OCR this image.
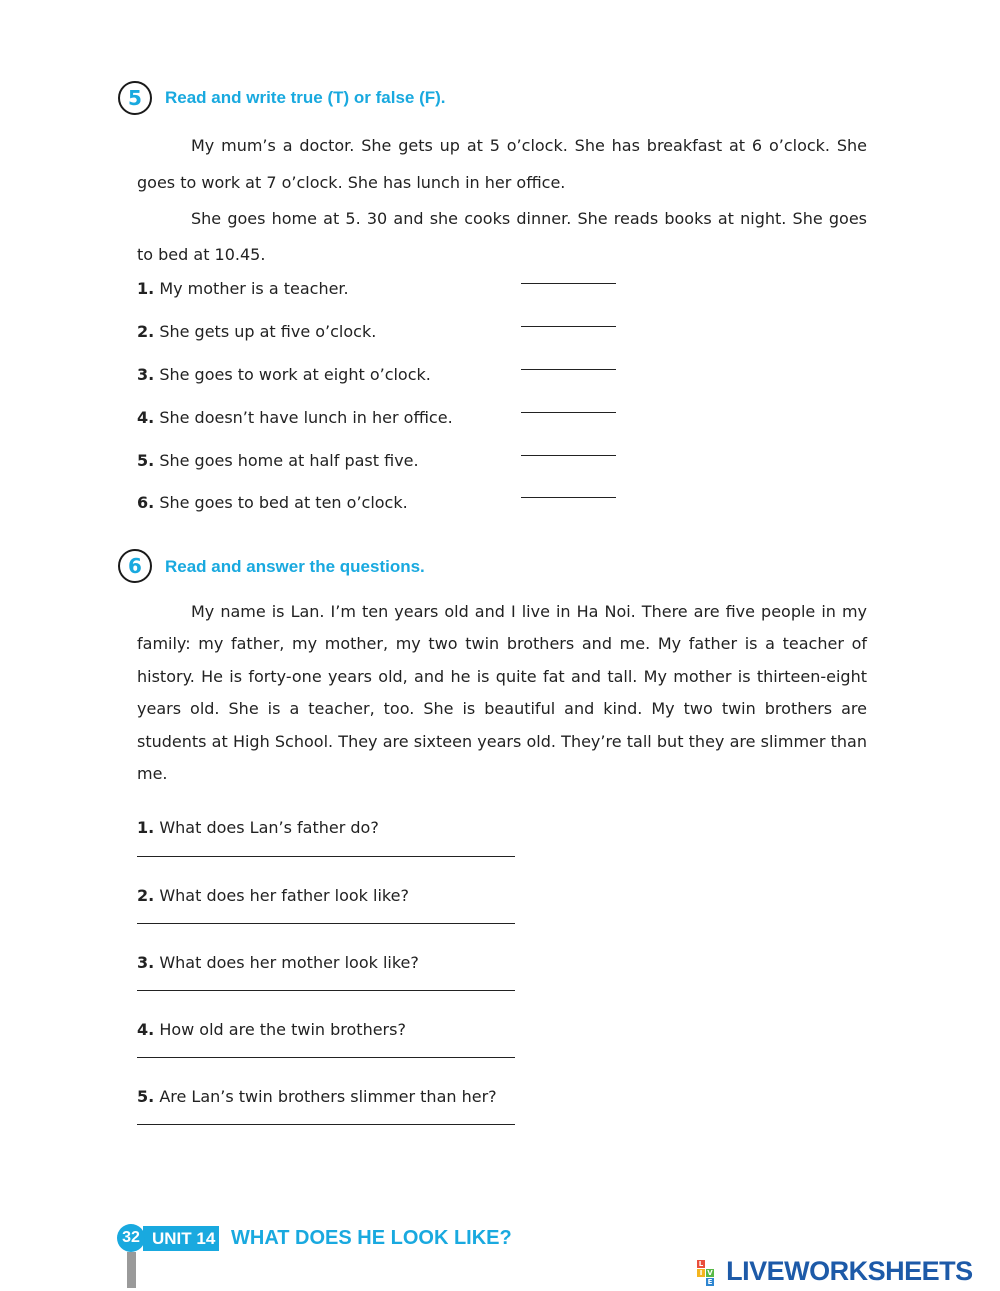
5	Read and write true (T) or false (F).

My mum’s a doctor. She gets up at 5 o’clock. She has breakfast at 6 o’clock. She goes to work at 7 o’clock. She has lunch in her office.

She goes home at 5. 30 and she cooks dinner. She reads books at night. She goes to bed at 10.45.

1. My mother is a teacher.
2. She gets up at five o’clock.
3. She goes to work at eight o’clock.
4. She doesn’t have lunch in her office.
5. She goes home at half past five.
6. She goes to bed at ten o’clock.
6	Read and answer the questions.

My name is Lan. I’m ten years old and I live in Ha Noi. There are five people in my family: my father, my mother, my two twin brothers and me. My father is a teacher of history. He is forty-one years old, and he is quite fat and tall. My mother is thirteen-eight years old. She is a teacher, too. She is beautiful and kind. My two twin brothers are students at High School. They are sixteen years old. They’re tall but they are slimmer than me.

1. What does Lan’s father do?
2. What does her father look like?
3. What does her mother look like?
4. How old are the twin brothers?
5. Are Lan’s twin brothers slimmer than her?
32 UNIT 14 WHAT DOES HE LOOK LIKE?
L
I V
E LIVEWORKSHEETS
